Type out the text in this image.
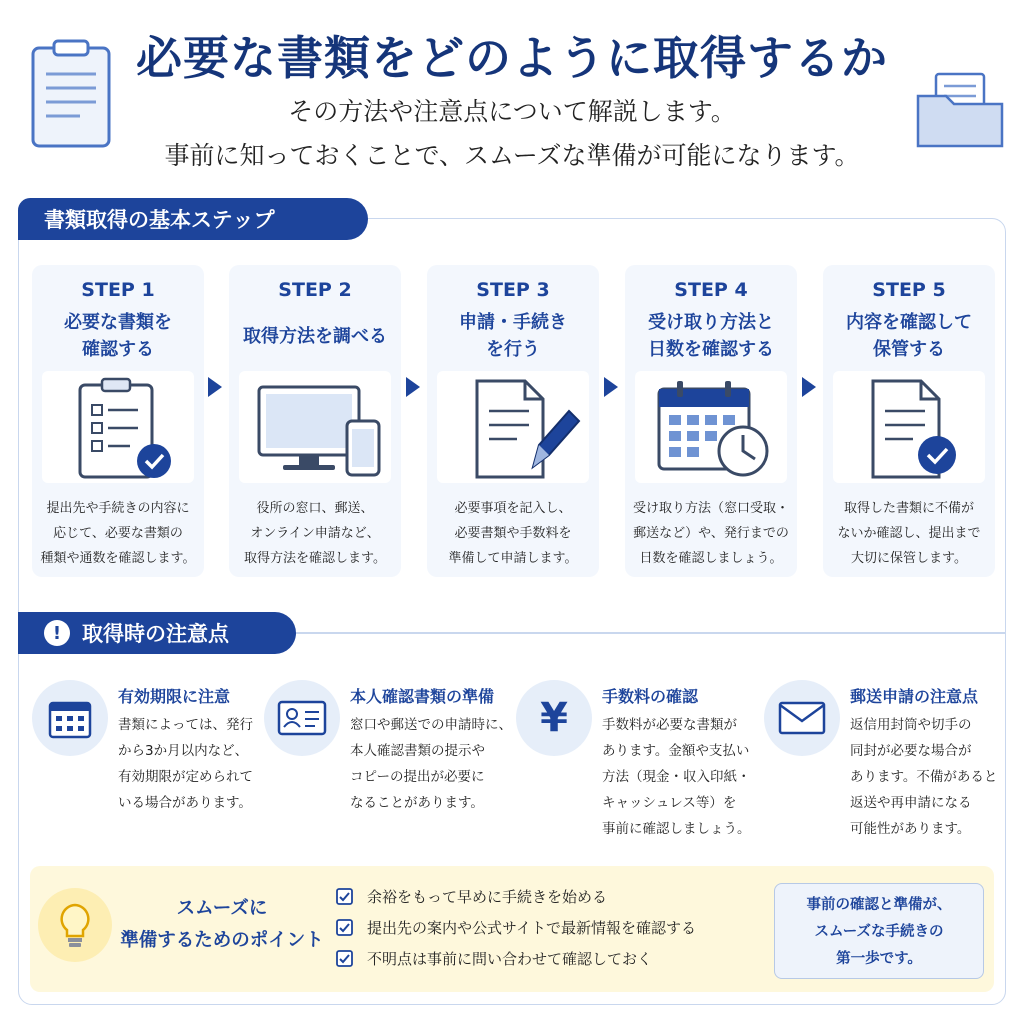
必要な書類をどのように取得するか
その方法や注意点について解説します。
事前に知っておくことで、スムーズな準備が可能になります。
書類取得の基本ステップ
STEP 1
必要な書類を
確認する
提出先や手続きの内容に
応じて、必要な書類の
種類や通数を確認します。
STEP 2
取得方法を調べる
役所の窓口、郵送、
オンライン申請など、
取得方法を確認します。
STEP 3
申請・手続き
を行う
必要事項を記入し、
必要書類や手数料を
準備して申請します。
STEP 4
受け取り方法と
日数を確認する
受け取り方法（窓口受取・
郵送など）や、発行までの
日数を確認しましょう。
STEP 5
内容を確認して
保管する
取得した書類に不備が
ないか確認し、提出まで
大切に保管します。
! 取得時の注意点
有効期限に注意
書類によっては、発行
から3か月以内など、
有効期限が定められて
いる場合があります。
本人確認書類の準備
窓口や郵送での申請時に、
本人確認書類の提示や
コピーの提出が必要に
なることがあります。
¥ 手数料の確認
手数料が必要な書類が
あります。金額や支払い
方法（現金・収入印紙・
キャッシュレス等）を
事前に確認しましょう。
郵送申請の注意点
返信用封筒や切手の
同封が必要な場合が
あります。不備があると
返送や再申請になる
可能性があります。
スムーズに
準備するためのポイント
余裕をもって早めに手続きを始める
提出先の案内や公式サイトで最新情報を確認する
不明点は事前に問い合わせて確認しておく
事前の確認と準備が、
スムーズな手続きの
第一歩です。
